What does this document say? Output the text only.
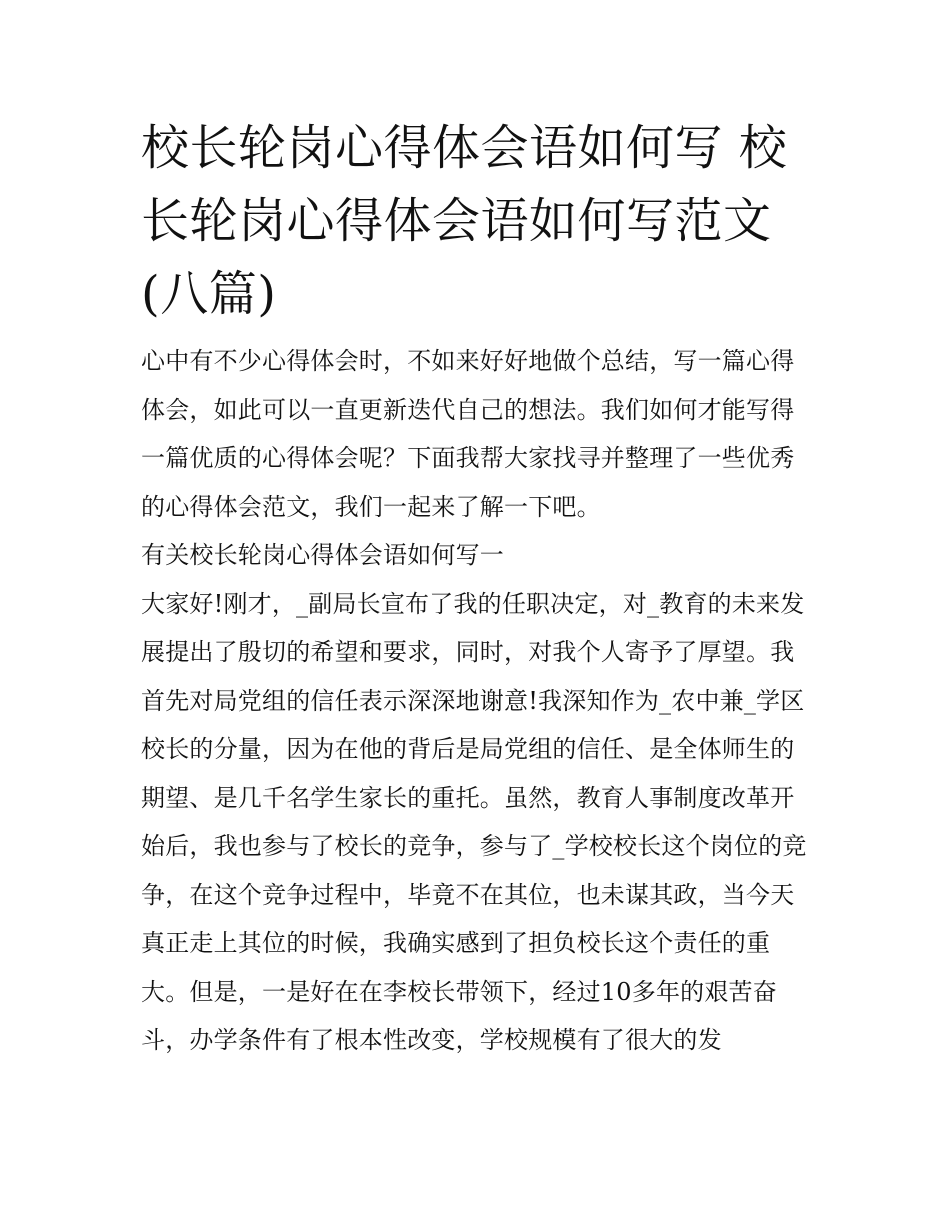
校长轮岗心得体会语如何写 校长轮岗心得体会语如何写范文(八篇)

心中有不少心得体会时，不如来好好地做个总结，写一篇心得体会，如此可以一直更新迭代自己的想法。我们如何才能写得一篇优质的心得体会呢？下面我帮大家找寻并整理了一些优秀的心得体会范文，我们一起来了解一下吧。

有关校长轮岗心得体会语如何写一

大家好!刚才，_副局长宣布了我的任职决定，对_教育的未来发展提出了殷切的希望和要求，同时，对我个人寄予了厚望。我首先对局党组的信任表示深深地谢意!我深知作为_农中兼_学区校长的分量，因为在他的背后是局党组的信任、是全体师生的期望、是几千名学生家长的重托。虽然，教育人事制度改革开始后，我也参与了校长的竞争，参与了_学校校长这个岗位的竞争，在这个竞争过程中，毕竟不在其位，也未谋其政，当今天真正走上其位的时候，我确实感到了担负校长这个责任的重大。但是，一是好在在李校长带领下，经过10多年的艰苦奋斗，办学条件有了根本性改变，学校规模有了很大的发
